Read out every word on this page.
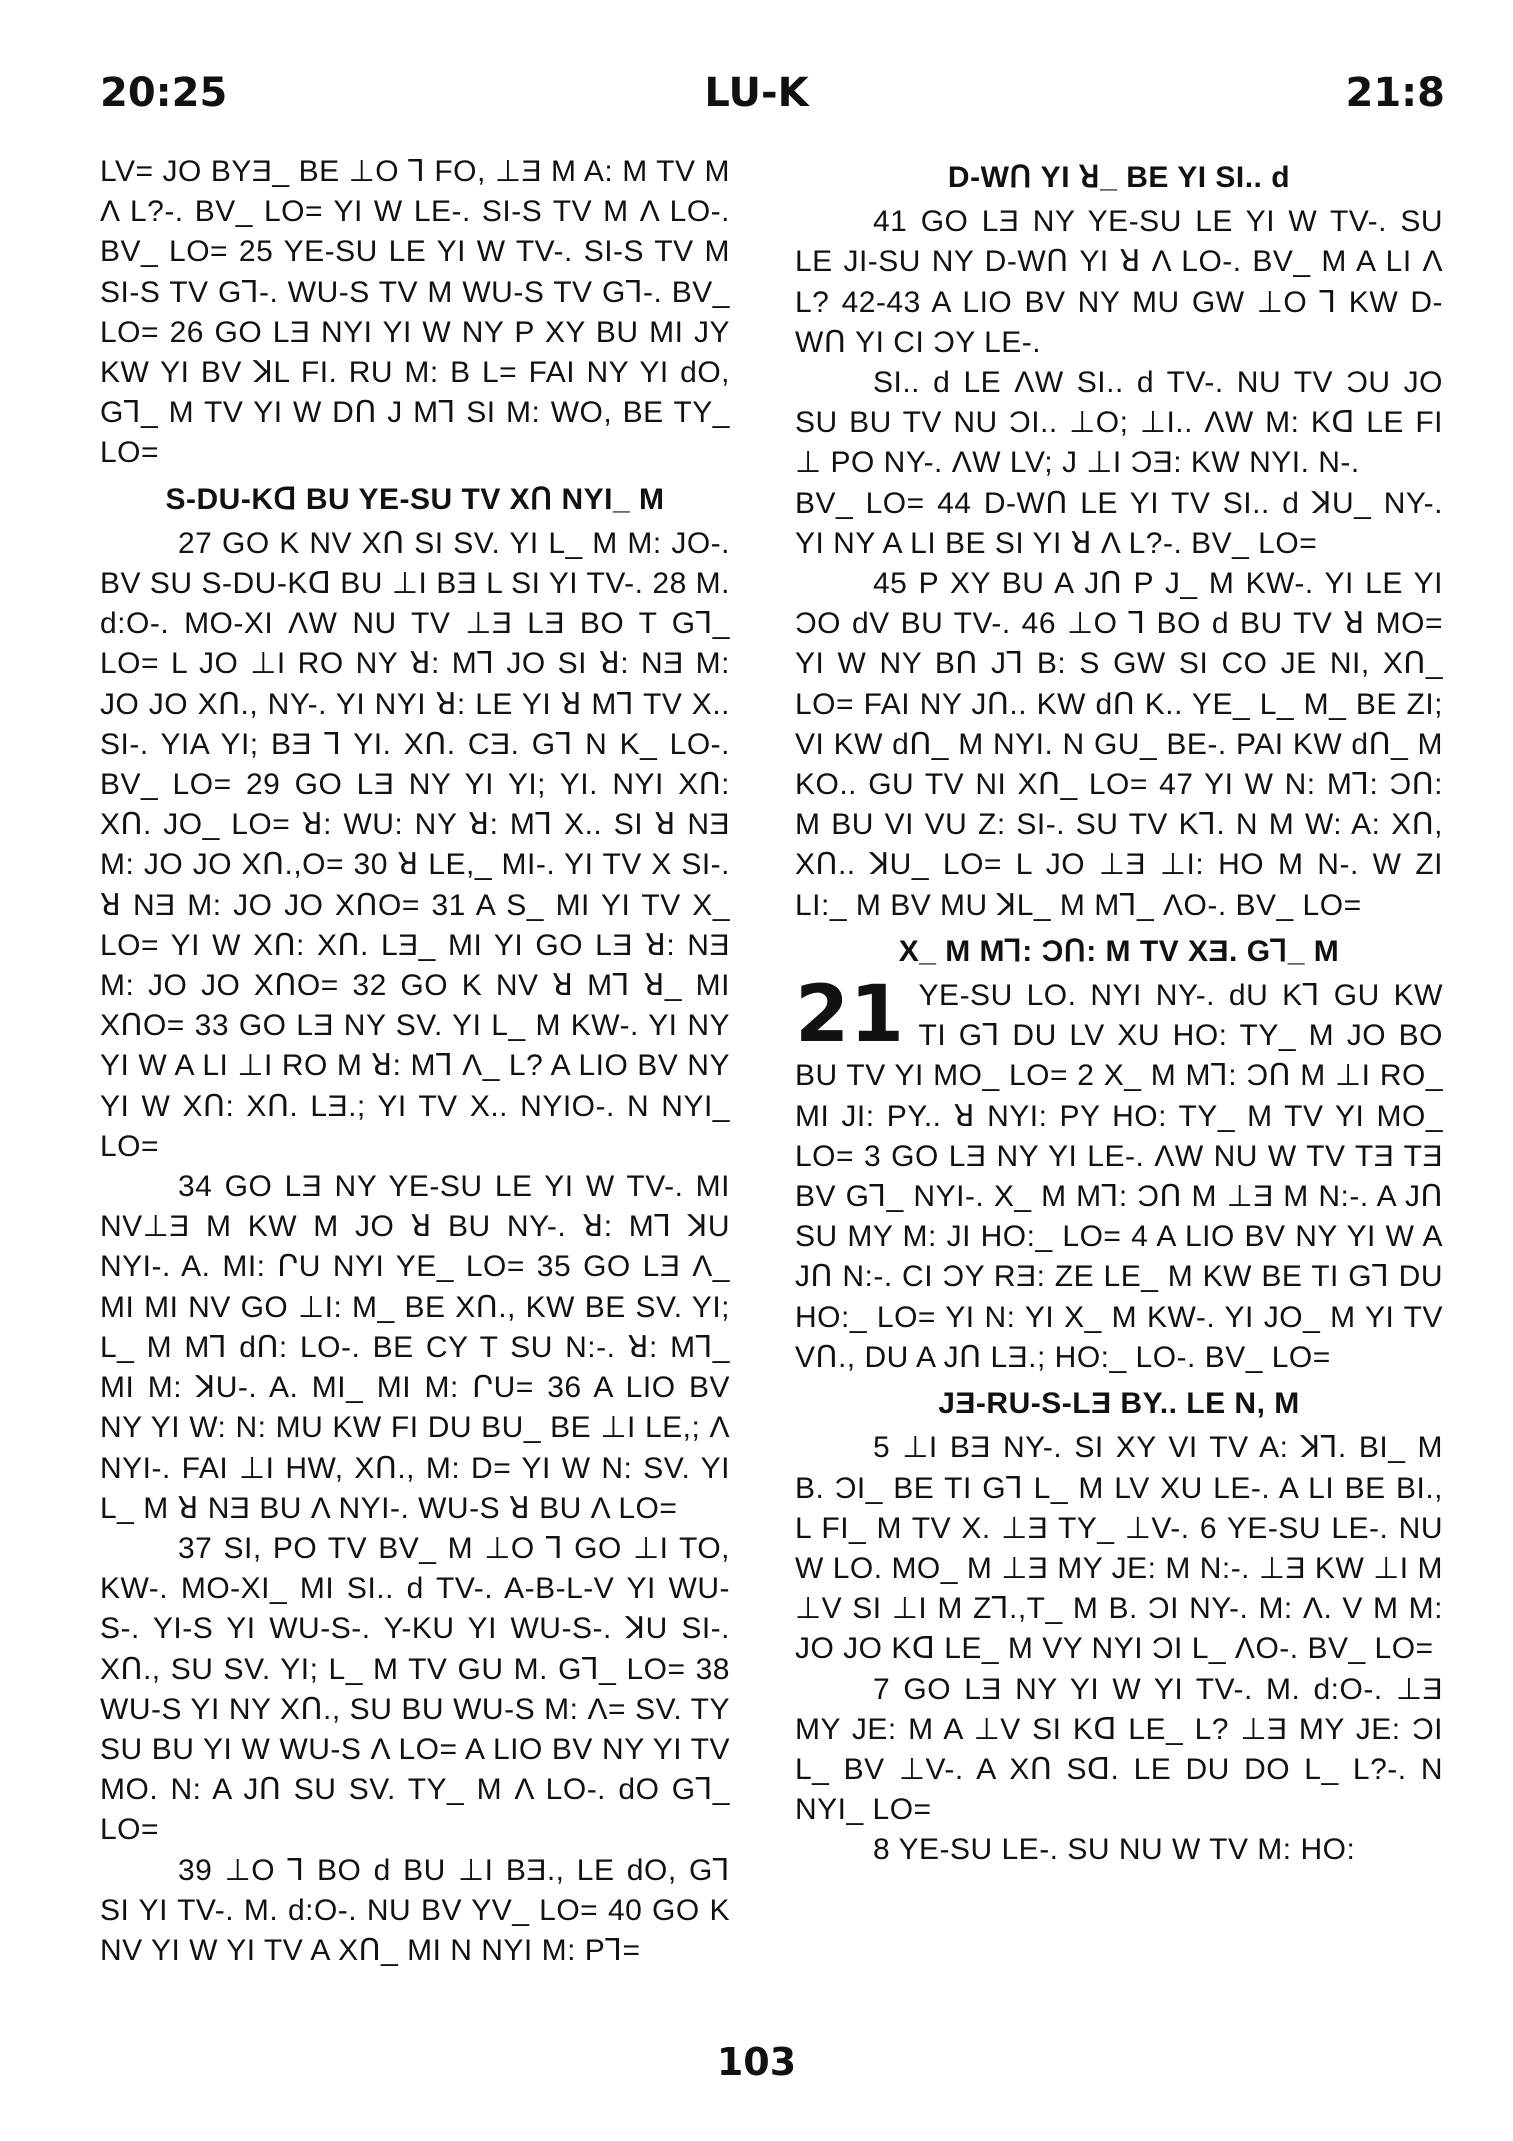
20:25	LU-K	21:8

LV= JO BYƎ_ BE ⊥O ⅂ FO, ⊥Ǝ M A: M TV M Λ L?-. BV_ LO= YI W LE-. SI-S TV M Λ LO-. BV_ LO= 25 YE-SU LE YI W TV-. SI-S TV M SI-S TV G⅂-. WU-S TV M WU-S TV G⅂-. BV_ LO= 26 GO LƎ NYI YI W NY P XY BU MI JY KW YI BV ꓘL FI. RU M: B L= FAI NY YI dO, G⅂_ M TV YI W DՈ J M⅂ SI M: WO, BE TY_ LO=

S-DU-Kꓷ BU YE-SU TV XՈ NYI_ M

27 GO K NV XՈ SI SV. YI L_ M M: JO-. BV SU S-DU-Kꓷ BU ⊥I BƎ L SI YI TV-. 28 M. d:O-. MO-XI ΛW NU TV ⊥Ǝ LƎ BO T G⅂_ LO= L JO ⊥I RO NY ꓤ: M⅂ JO SI ꓤ: NƎ M: JO JO XՈ., NY-. YI NYI ꓤ: LE YI ꓤ M⅂ TV X.. SI-. YIA YI; BƎ ⅂ YI. XՈ. CƎ. G⅂ N K_ LO-. BV_ LO= 29 GO LƎ NY YI YI; YI. NYI XՈ: XՈ. JO_ LO= ꓤ: WU: NY ꓤ: M⅂ X.. SI ꓤ NƎ M: JO JO XՈ.,O= 30 ꓤ LE,_ MI-. YI TV X SI-. ꓤ NƎ M: JO JO XՈO= 31 A S_ MI YI TV X_ LO= YI W XՈ: XՈ. LƎ_ MI YI GO LƎ ꓤ: NƎ M: JO JO XՈO= 32 GO K NV ꓤ M⅂ ꓤ_ MI XՈO= 33 GO LƎ NY SV. YI L_ M KW-. YI NY YI W A LI ⊥I RO M ꓤ: M⅂ Λ_ L? A LIO BV NY YI W XՈ: XՈ. LƎ.; YI TV X.. NYIO-. N NYI_ LO=

34 GO LƎ NY YE-SU LE YI W TV-. MI NV⊥Ǝ M KW M JO ꓤ BU NY-. ꓤ: M⅂ ꓘU NYI-. A. MI: ՐU NYI YE_ LO= 35 GO LƎ Λ_ MI MI NV GO ⊥I: M_ BE XՈ., KW BE SV. YI; L_ M M⅂ dՈ: LO-. BE CY T SU N:-. ꓤ: M⅂_ MI M: ꓘU-. A. MI_ MI M: ՐU= 36 A LIO BV NY YI W: N: MU KW FI DU BU_ BE ⊥I LE,; Λ NYI-. FAI ⊥I HW, XՈ., M: D= YI W N: SV. YI L_ M ꓤ NƎ BU Λ NYI-. WU-S ꓤ BU Λ LO=

37 SI, PO TV BV_ M ⊥O ⅂ GO ⊥I TO, KW-. MO-XI_ MI SI.. d TV-. A-B-L-V YI WU-S-. YI-S YI WU-S-. Y-KU YI WU-S-. ꓘU SI-. XՈ., SU SV. YI; L_ M TV GU M. G⅂_ LO= 38 WU-S YI NY XՈ., SU BU WU-S M: Λ= SV. TY SU BU YI W WU-S Λ LO= A LIO BV NY YI TV MO. N: A JՈ SU SV. TY_ M Λ LO-. dO G⅂_ LO=

39 ⊥O ⅂ BO d BU ⊥I BƎ., LE dO, G⅂ SI YI TV-. M. d:O-. NU BV YV_ LO= 40 GO K NV YI W YI TV A XՈ_ MI N NYI M: P⅂=

D-WՈ YI ꓤ_ BE YI SI.. d

41 GO LƎ NY YE-SU LE YI W TV-. SU LE JI-SU NY D-WՈ YI ꓤ Λ LO-. BV_ M A LI Λ L? 42-43 A LIO BV NY MU GW ⊥O ⅂ KW D-WՈ YI CI ƆY LE-.

SI.. d LE ΛW SI.. d TV-. NU TV ƆU JO SU BU TV NU ƆI.. ⊥O; ⊥I.. ΛW M: Kꓷ LE FI ⊥ PO NY-. ΛW LV; J ⊥I ƆƎ: KW NYI. N-.

BV_ LO= 44 D-WՈ LE YI TV SI.. d ꓘU_ NY-. YI NY A LI BE SI YI ꓤ Λ L?-. BV_ LO=

45 P XY BU A JՈ P J_ M KW-. YI LE YI ƆO dV BU TV-. 46 ⊥O ⅂ BO d BU TV ꓤ MO= YI W NY BՈ J⅂ B: S GW SI CO JE NI, XՈ_ LO= FAI NY JՈ.. KW dՈ K.. YE_ L_ M_ BE ZI; VI KW dՈ_ M NYI. N GU_ BE-. PAI KW dՈ_ M KO.. GU TV NI XՈ_ LO= 47 YI W N: M⅂: ƆՈ: M BU VI VU Z: SI-. SU TV K⅂. N M W: A: XՈ, XՈ.. ꓘU_ LO= L JO ⊥Ǝ ⊥I: HO M N-. W ZI LI:_ M BV MU ꓘL_ M M⅂_ ΛO-. BV_ LO=

X_ M M⅂: ƆՈ: M TV XƎ. G⅂_ M

21 YE-SU LO. NYI NY-. dU K⅂ GU KW TI G⅂ DU LV XU HO: TY_ M JO BO BU TV YI MO_ LO= 2 X_ M M⅂: ƆՈ M ⊥I RO_ MI JI: PY.. ꓤ NYI: PY HO: TY_ M TV YI MO_ LO= 3 GO LƎ NY YI LE-. ΛW NU W TV TƎ TƎ BV G⅂_ NYI-. X_ M M⅂: ƆՈ M ⊥Ǝ M N:-. A JՈ SU MY M: JI HO:_ LO= 4 A LIO BV NY YI W A JՈ N:-. CI ƆY RƎ: ZE LE_ M KW BE TI G⅂ DU HO:_ LO= YI N: YI X_ M KW-. YI JO_ M YI TV VՈ., DU A JՈ LƎ.; HO:_ LO-. BV_ LO=

JƎ-RU-S-LƎ BY.. LE N, M

5 ⊥I BƎ NY-. SI XY VI TV A: ꓘ⅂. BI_ M B. ƆI_ BE TI G⅂ L_ M LV XU LE-. A LI BE BI., L FI_ M TV X. ⊥Ǝ TY_ ⊥V-. 6 YE-SU LE-. NU W LO. MO_ M ⊥Ǝ MY JE: M N:-. ⊥Ǝ KW ⊥I M ⊥V SI ⊥I M Z⅂.,T_ M B. ƆI NY-. M: Λ. V M M: JO JO Kꓷ LE_ M VY NYI ƆI L_ ΛO-. BV_ LO=

7 GO LƎ NY YI W YI TV-. M. d:O-. ⊥Ǝ MY JE: M A ⊥V SI Kꓷ LE_ L? ⊥Ǝ MY JE: ƆI L_ BV ⊥V-. A XՈ Sꓷ. LE DU DO L_ L?-. N NYI_ LO=

8 YE-SU LE-. SU NU W TV M: HO:

103
